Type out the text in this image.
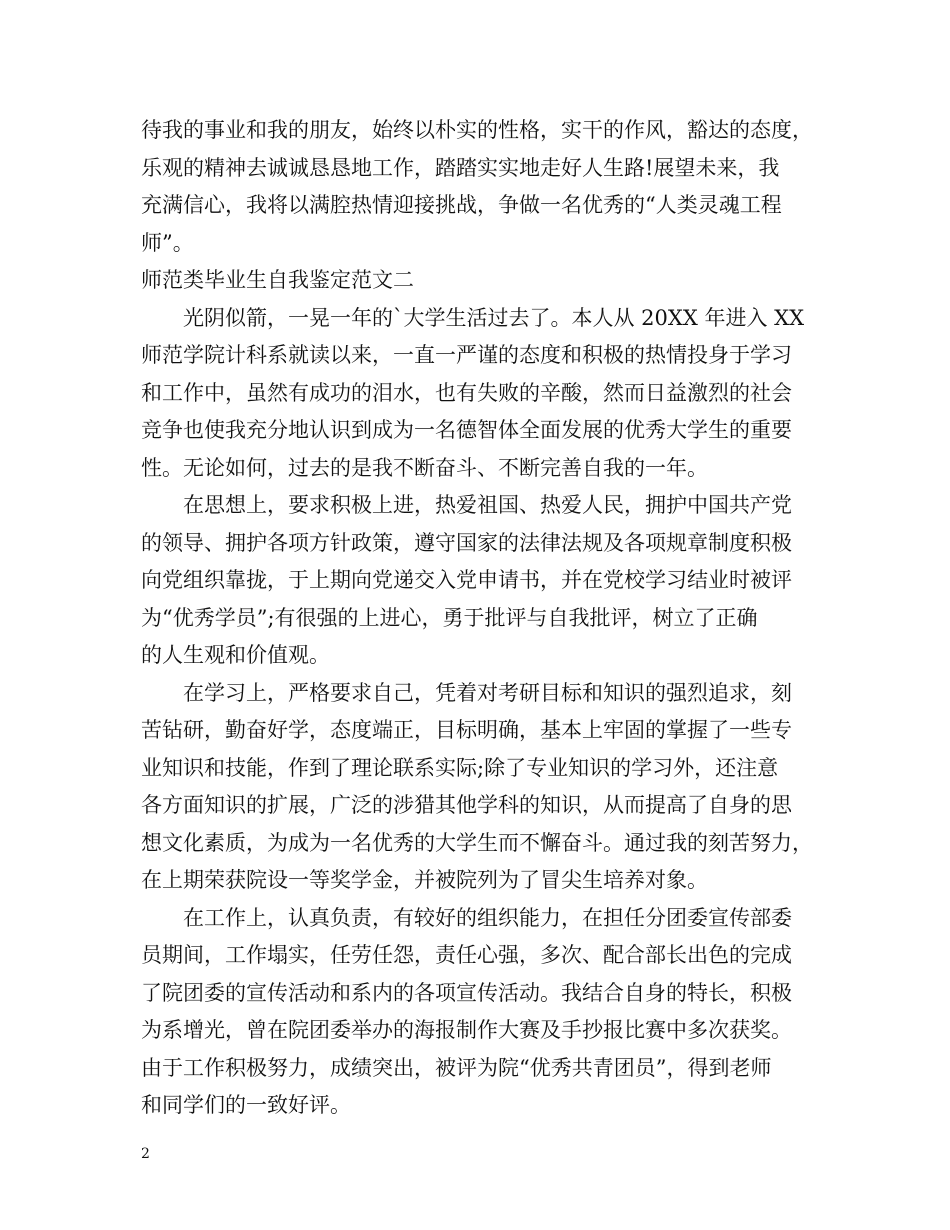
待我的事业和我的朋友，始终以朴实的性格，实干的作风，豁达的态度，
乐观的精神去诚诚恳恳地工作，踏踏实实地走好人生路!展望未来，我
充满信心，我将以满腔热情迎接挑战，争做一名优秀的“人类灵魂工程
师”。
师范类毕业生自我鉴定范文二
光阴似箭，一晃一年的`大学生活过去了。本人从 20XX 年进入 XX
师范学院计科系就读以来，一直一严谨的态度和积极的热情投身于学习
和工作中，虽然有成功的泪水，也有失败的辛酸，然而日益激烈的社会
竞争也使我充分地认识到成为一名德智体全面发展的优秀大学生的重要
性。无论如何，过去的是我不断奋斗、不断完善自我的一年。
在思想上，要求积极上进，热爱祖国、热爱人民，拥护中国共产党
的领导、拥护各项方针政策，遵守国家的法律法规及各项规章制度积极
向党组织靠拢，于上期向党递交入党申请书，并在党校学习结业时被评
为“优秀学员”;有很强的上进心，勇于批评与自我批评，树立了正确
的人生观和价值观。
在学习上，严格要求自己，凭着对考研目标和知识的强烈追求，刻
苦钻研，勤奋好学，态度端正，目标明确，基本上牢固的掌握了一些专
业知识和技能，作到了理论联系实际;除了专业知识的学习外，还注意
各方面知识的扩展，广泛的涉猎其他学科的知识，从而提高了自身的思
想文化素质，为成为一名优秀的大学生而不懈奋斗。通过我的刻苦努力，
在上期荣获院设一等奖学金，并被院列为了冒尖生培养对象。
在工作上，认真负责，有较好的组织能力，在担任分团委宣传部委
员期间，工作塌实，任劳任怨，责任心强，多次、配合部长出色的完成
了院团委的宣传活动和系内的各项宣传活动。我结合自身的特长，积极
为系增光，曾在院团委举办的海报制作大赛及手抄报比赛中多次获奖。
由于工作积极努力，成绩突出，被评为院“优秀共青团员”，得到老师
和同学们的一致好评。
2
